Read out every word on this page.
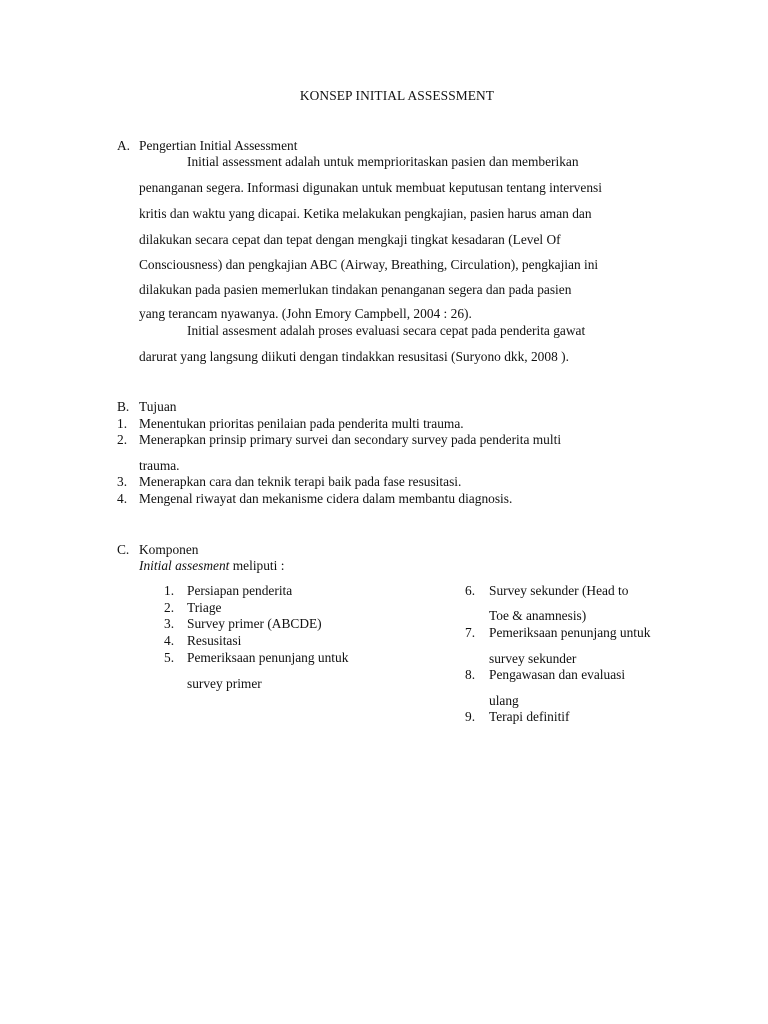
KONSEP INITIAL ASSESSMENT
A. Pengertian Initial Assessment
Initial assessment adalah untuk memprioritaskan pasien dan memberikan
penanganan segera. Informasi digunakan untuk membuat keputusan tentang intervensi
kritis dan waktu yang dicapai. Ketika melakukan pengkajian, pasien harus aman dan
dilakukan secara cepat dan tepat dengan mengkaji tingkat kesadaran (Level Of
Consciousness) dan pengkajian ABC (Airway, Breathing, Circulation), pengkajian ini
dilakukan pada pasien memerlukan tindakan penanganan segera dan pada pasien
yang terancam nyawanya. (John Emory Campbell, 2004 : 26).
Initial assesment adalah proses evaluasi secara cepat pada penderita gawat
darurat yang langsung diikuti dengan tindakkan resusitasi (Suryono dkk, 2008 ).
B. Tujuan
1. Menentukan prioritas penilaian pada penderita multi trauma.
2. Menerapkan prinsip primary survei dan secondary survey pada penderita multi
trauma.
3. Menerapkan cara dan teknik terapi baik pada fase resusitasi.
4. Mengenal riwayat dan mekanisme cidera dalam membantu diagnosis.
C. Komponen
Initial assesment meliputi :
1. Persiapan penderita
2. Triage
3. Survey primer (ABCDE)
4. Resusitasi
5. Pemeriksaan penunjang untuk
survey primer
6. Survey sekunder (Head to
Toe & anamnesis)
7. Pemeriksaan penunjang untuk
survey sekunder
8. Pengawasan dan evaluasi
ulang
9. Terapi definitif
